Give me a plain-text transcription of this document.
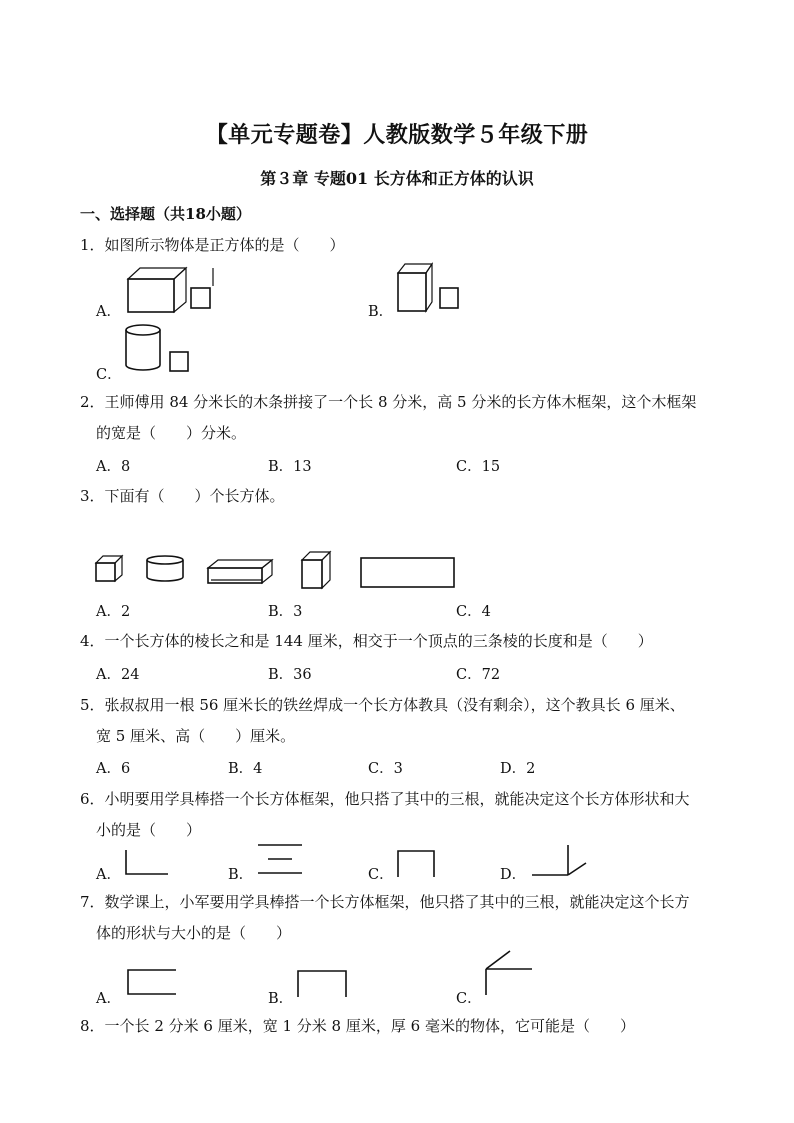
【单元专题卷】人教版数学５年级下册
第３章 专题01 长方体和正方体的认识
一、选择题（共18小题）
1．如图所示物体是正方体的是（　　）
A．	B．
C．
2．王师傅用 84 分米长的木条拼接了一个长 8 分米，高 5 分米的长方体木框架，这个木框架
的宽是（　　）分米。
A．8	B．13	C．15
3．下面有（　　）个长方体。
A．2	B．3	C．4
4．一个长方体的棱长之和是 144 厘米，相交于一个顶点的三条棱的长度和是（　　）
A．24	B．36	C．72
5．张叔叔用一根 56 厘米长的铁丝焊成一个长方体教具（没有剩余），这个教具长 6 厘米、
宽 5 厘米、高（　　）厘米。
A．6	B．4	C．3	D．2
6．小明要用学具棒搭一个长方体框架，他只搭了其中的三根，就能决定这个长方体形状和大
小的是（　　）
A．	B．	C．	D．
7．数学课上，小军要用学具棒搭一个长方体框架，他只搭了其中的三根，就能决定这个长方
体的形状与大小的是（　　）
A．	B．	C．
8．一个长 2 分米 6 厘米，宽 1 分米 8 厘米，厚 6 毫米的物体，它可能是（　　）
